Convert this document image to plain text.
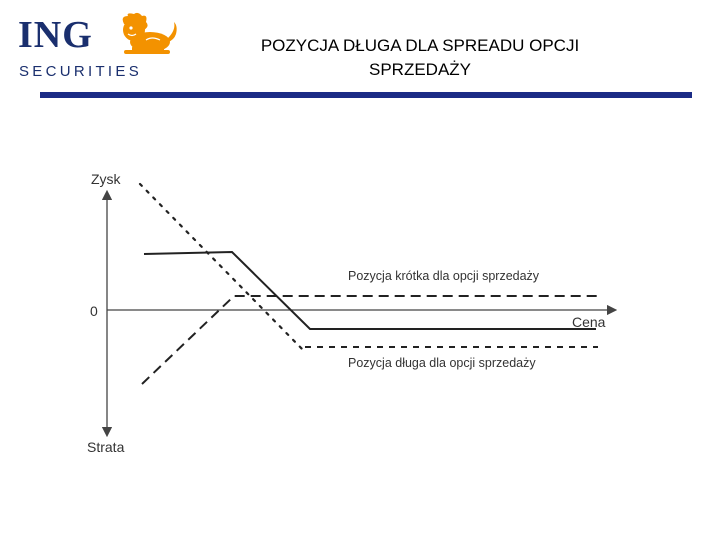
ING
SECURITIES
POZYCJA DŁUGA DLA SPREADU OPCJI
SPRZEDAŻY
Zysk
Strata
0
Cena
Pozycja krótka dla opcji sprzedaży
Pozycja długa dla opcji sprzedaży
